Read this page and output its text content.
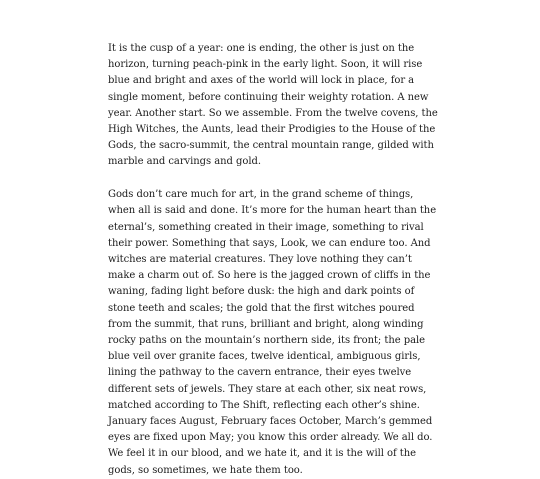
It is the cusp of a year: one is ending, the other is just on the horizon, turning peach-pink in the early light. Soon, it will rise blue and bright and axes of the world will lock in place, for a single moment, before continuing their weighty rotation. A new year. Another start. So we assemble. From the twelve covens, the High Witches, the Aunts, lead their Prodigies to the House of the Gods, the sacro-summit, the central mountain range, gilded with marble and carvings and gold.

Gods don’t care much for art, in the grand scheme of things, when all is said and done. It’s more for the human heart than the eternal’s, something created in their image, something to rival their power. Something that says, Look, we can endure too. And witches are material creatures. They love nothing they can’t make a charm out of. So here is the jagged crown of cliffs in the waning, fading light before dusk: the high and dark points of stone teeth and scales; the gold that the first witches poured from the summit, that runs, brilliant and bright, along winding rocky paths on the mountain’s northern side, its front; the pale blue veil over granite faces, twelve identical, ambiguous girls, lining the pathway to the cavern entrance, their eyes twelve different sets of jewels. They stare at each other, six neat rows, matched according to The Shift, reflecting each other’s shine. January faces August, February faces October, March’s gemmed eyes are fixed upon May; you know this order already. We all do. We feel it in our blood, and we hate it, and it is the will of the gods, so sometimes, we hate them too.
